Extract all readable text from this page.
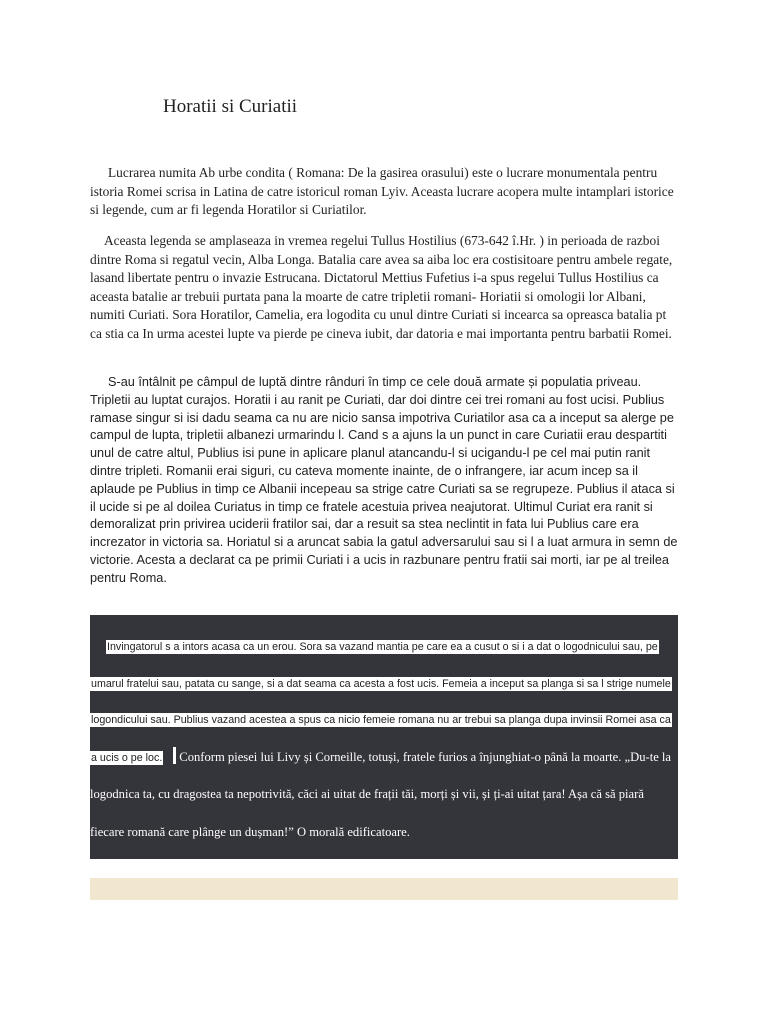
Horatii si Curiatii

Lucrarea numita Ab urbe condita ( Romana: De la gasirea orasului) este o lucrare monumentala pentru istoria Romei scrisa in Latina de catre istoricul roman Lyiv. Aceasta lucrare acopera multe intamplari istorice si legende, cum ar fi legenda Horatilor si Curiatilor.

Aceasta legenda se amplaseaza in vremea regelui Tullus Hostilius (673-642 î.Hr. ) in perioada de razboi dintre Roma si regatul vecin, Alba Longa. Batalia care avea sa aiba loc era costisitoare pentru ambele regate, lasand libertate pentru o invazie Estrucana. Dictatorul Mettius Fufetius i-a spus regelui Tullus Hostilius ca aceasta batalie ar trebuii purtata pana la moarte de catre tripletii romani- Horiatii si omologii lor Albani, numiti Curiati. Sora Horatilor, Camelia, era logodita cu unul dintre Curiati si incearca sa opreasca batalia pt ca stia ca In urma acestei lupte va pierde pe cineva iubit, dar datoria e mai importanta pentru barbatii Romei.

S-au întâlnit pe câmpul de luptă dintre rânduri în timp ce cele două armate și populatia priveau. Tripletii au luptat curajos. Horatii i au ranit pe Curiati, dar doi dintre cei trei romani au fost ucisi. Publius ramase singur si isi dadu seama ca nu are nicio sansa impotriva Curiatilor asa ca a inceput sa alerge pe campul de lupta, tripletii albanezi urmarindu l. Cand s a ajuns la un punct in care Curiatii erau despartiti unul de catre altul, Publius isi pune in aplicare planul atancandu-l si ucigandu-l pe cel mai putin ranit dintre tripleti. Romanii erai siguri, cu cateva momente inainte, de o infrangere, iar acum incep sa il aplaude pe Publius in timp ce Albanii incepeau sa strige catre Curiati sa se regrupeze. Publius il ataca si il ucide si pe al doilea Curiatus in timp ce fratele acestuia privea neajutorat. Ultimul Curiat era ranit si demoralizat prin privirea uciderii fratilor sai, dar a resuit sa stea neclintit in fata lui Publius care era increzator in victoria sa. Horiatul si a aruncat sabia la gatul adversarului sau si l a luat armura in semn de victorie. Acesta a declarat ca pe primii Curiati i a ucis in razbunare pentru fratii sai morti, iar pe al treilea pentru Roma.

Invingatorul s a intors acasa ca un erou. Sora sa vazand mantia pe care ea a cusut o si i a dat o logodnicului sau, pe umarul fratelui sau, patata cu sange, si a dat seama ca acesta a fost ucis. Femeia a inceput sa planga si sa l strige numele logondicului sau. Publius vazand acestea a spus ca nicio femeie romana nu ar trebui sa planga dupa invinsii Romei asa ca a ucis o pe loc. Conform piesei lui Livy și Corneille, totuși, fratele furios a înjunghiat-o până la moarte. „Du-te la logodnica ta, cu dragostea ta nepotrivită, căci ai uitat de frații tăi, morți și vii, și ți-ai uitat țara! Așa că să piară fiecare romană care plânge un dușman!” O morală edificatoare.
